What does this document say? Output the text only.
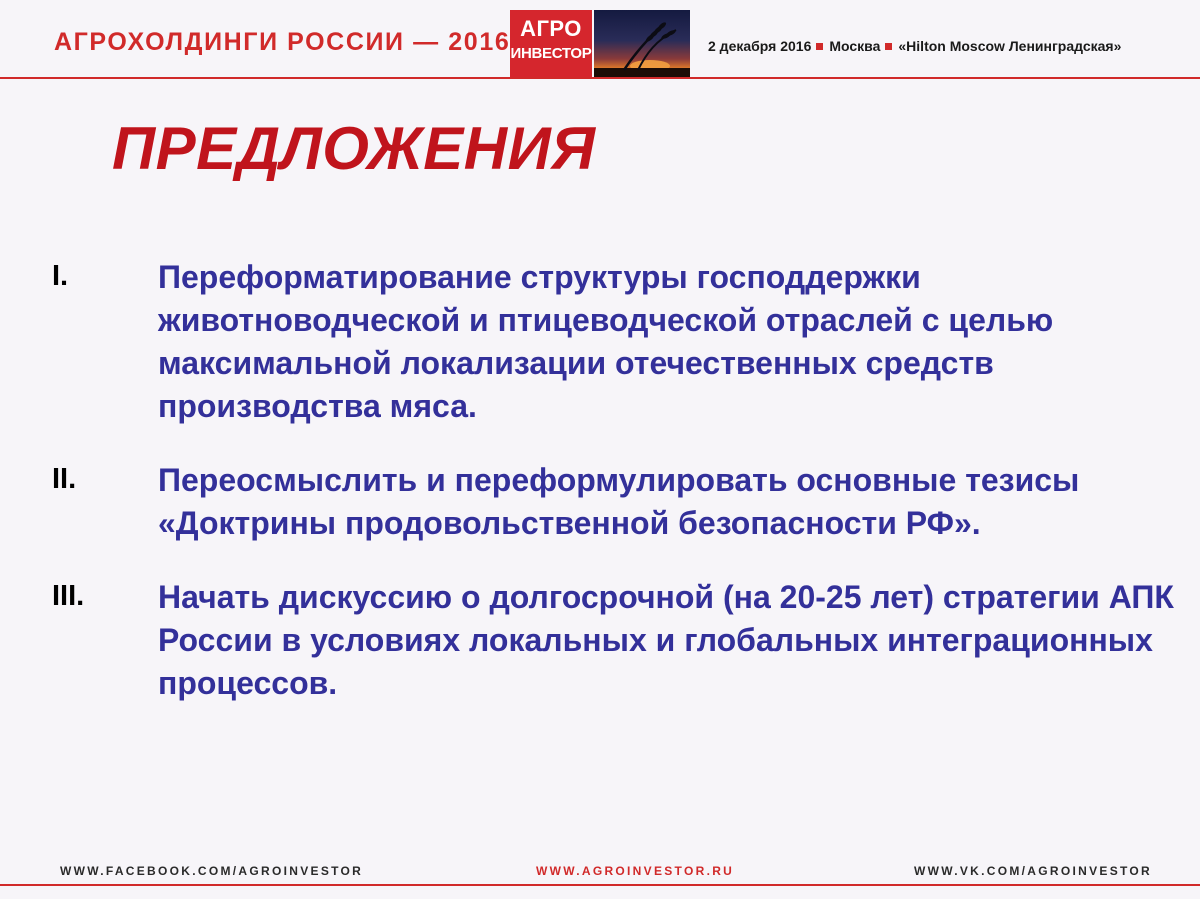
АГРОХОЛДИНГИ РОССИИ — 2016 АГРО
ИНВЕСТОР	2 декабря 2016 Москва «Hilton Moscow Ленинградская»
ПРЕДЛОЖЕНИЯ
I.	Переформатирование структуры господдержки животноводческой и птицеводческой отраслей с целью максимальной локализации отечественных средств производства мяса.
II.	Переосмыслить и переформулировать основные тезисы «Доктрины продовольственной безопасности РФ».
III. Начать дискуссию о долгосрочной (на 20-25 лет) стратегии АПК России в условиях локальных и глобальных интеграционных процессов.
WWW.FACEBOOK.COM/AGROINVESTOR	WWW.AGROINVESTOR.RU	WWW.VK.COM/AGROINVESTOR
